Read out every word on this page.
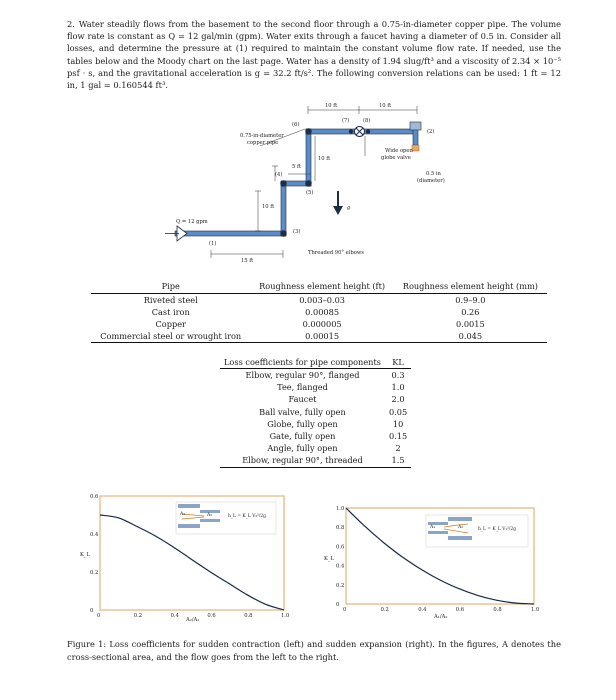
2. Water steadily flows from the basement to the second floor through a 0.75-in-diameter copper pipe. The volume flow rate is constant as Q = 12 gal/min (gpm). Water exits through a faucet having a diameter of 0.5 in. Consider all losses, and determine the pressure at (1) required to maintain the constant volume flow rate. If needed, use the tables below and the Moody chart on the last page. Water has a density of 1.94 slug/ft³ and a viscosity of 2.34 × 10⁻⁵ psf · s, and the gravitational acceleration is g = 32.2 ft/s². The following conversion relations can be used: 1 ft = 12 in, 1 gal = 0.160544 ft³.
0.75-in-diameter
copper pipe
Wide open
globe valve
0.5 in
(diameter)
Q = 12 gpm
Threaded 90° elbows
g
(1)
(2)
(3)
(4)
(5)
(6)
(7)	(8)
15 ft
10 ft
5 ft
10 ft
10 ft	10 ft
Pipe	Roughness element height (ft)	Roughness element height (mm)
Riveted steel	0.003–0.03	0.9–9.0
Cast iron	0.00085	0.26
Copper	0.000005	0.0015
Commercial steel or wrought iron	0.00015	0.045
Loss coefficients for pipe components	KL
Elbow, regular 90°, flanged	0.3
Tee, flanged	1.0
Faucet	2.0
Ball valve, fully open	0.05
Globe, fully open	10
Gate, fully open	0.15
Angle, fully open	2
Elbow, regular 90°, threaded	1.5
A₁	A₂	h_L = K_L V₂²/2g
0	0.2	0.4	0.6	0.8	1.0
0
0.2
0.4
0.6
A₂/A₁
K_L
A₁	A₂	h_L = K_L V₁²/2g
0	0.2	0.4	0.6	0.8	1.0
0
0.2
0.4
0.6
0.8
1.0
A₁/A₂
K_L
Figure 1: Loss coefficients for sudden contraction (left) and sudden expansion (right). In the figures, A denotes the cross-sectional area, and the flow goes from the left to the right.
